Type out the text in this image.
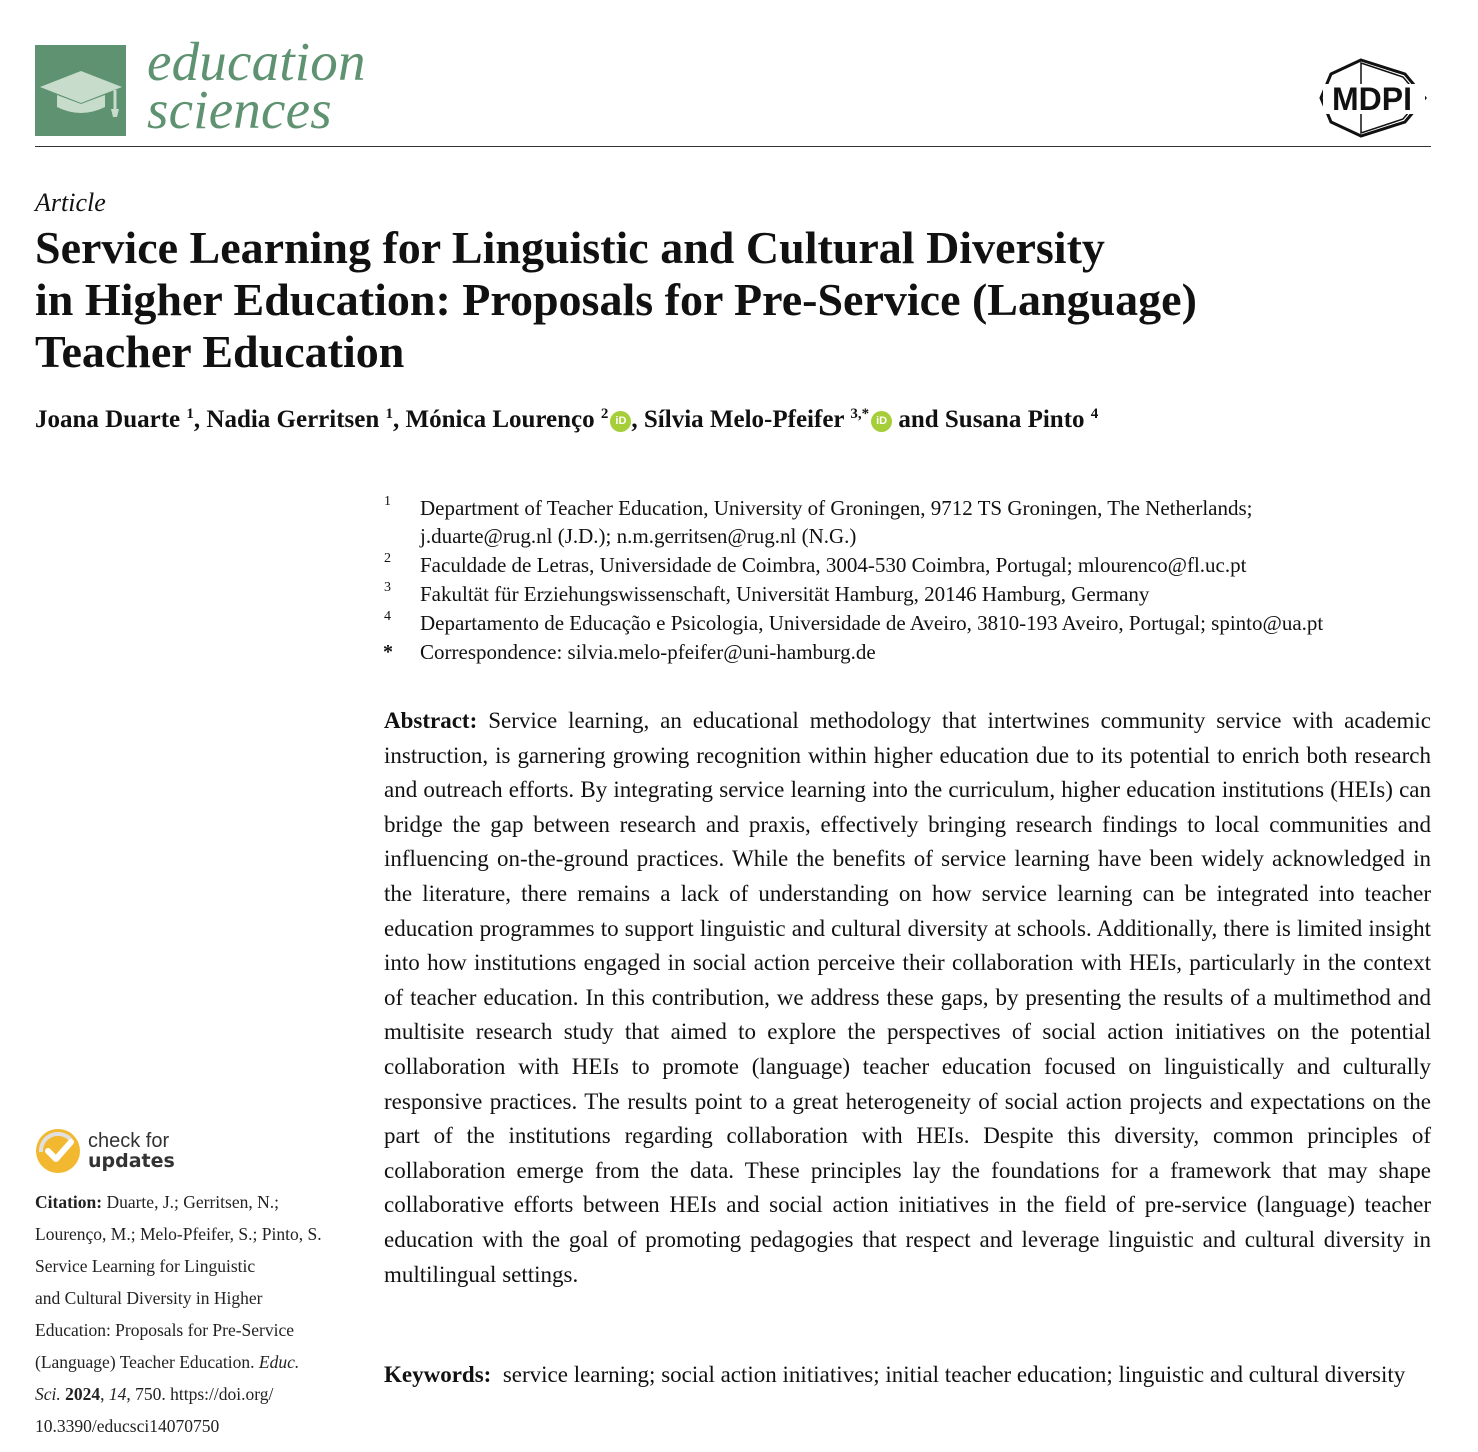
education
sciences	MDPI
Article
Service Learning for Linguistic and Cultural Diversity
in Higher Education: Proposals for Pre-Service (Language)
Teacher Education
Joana Duarte $^1$, Nadia Gerritsen $^1$, Mónica Lourenço $^2$ iD , Sílvia Melo-Pfeifer $^{3,*}$ iD and Susana Pinto $^4$
1 Department of Teacher Education, University of Groningen, 9712 TS Groningen, The Netherlands;
j.duarte@rug.nl (J.D.); n.m.gerritsen@rug.nl (N.G.)
2 Faculdade de Letras, Universidade de Coimbra, 3004-530 Coimbra, Portugal; mlourenco@fl.uc.pt
3 Fakultät für Erziehungswissenschaft, Universität Hamburg, 20146 Hamburg, Germany
4 Departamento de Educação e Psicologia, Universidade de Aveiro, 3810-193 Aveiro, Portugal; spinto@ua.pt
* Correspondence: silvia.melo-pfeifer@uni-hamburg.de
Abstract: Service learning, an educational methodology that intertwines community service with academic instruction, is garnering growing recognition within higher education due to its potential to enrich both research and outreach efforts. By integrating service learning into the curriculum, higher education institutions (HEIs) can bridge the gap between research and praxis, effectively bringing research findings to local communities and influencing on-the-ground practices. While the benefits of service learning have been widely acknowledged in the literature, there remains a lack of understanding on how service learning can be integrated into teacher education programmes to support linguistic and cultural diversity at schools. Additionally, there is limited insight into how institutions engaged in social action perceive their collaboration with HEIs, particularly in the context of teacher education. In this contribution, we address these gaps, by presenting the results of a multimethod and multisite research study that aimed to explore the perspectives of social action initiatives on the potential collaboration with HEIs to promote (language) teacher education focused on linguistically and culturally responsive practices. The results point to a great heterogeneity of social action projects and expectations on the part of the institutions regarding collaboration with HEIs. Despite this diversity, common principles of collaboration emerge from the data. These principles lay the foundations for a framework that may shape collaborative efforts between HEIs and social action initiatives in the field of pre-service (language) teacher education with the goal of promoting pedagogies that respect and leverage linguistic and cultural diversity in multilingual settings.
Keywords: service learning; social action initiatives; initial teacher education; linguistic and cultural diversity
check for
updates
Citation: Duarte, J.; Gerritsen, N.;
Lourenço, M.; Melo-Pfeifer, S.; Pinto, S.
Service Learning for Linguistic
and Cultural Diversity in Higher
Education: Proposals for Pre-Service
(Language) Teacher Education. Educ.
Sci. 2024, 14, 750. https://doi.org/
10.3390/educsci14070750
